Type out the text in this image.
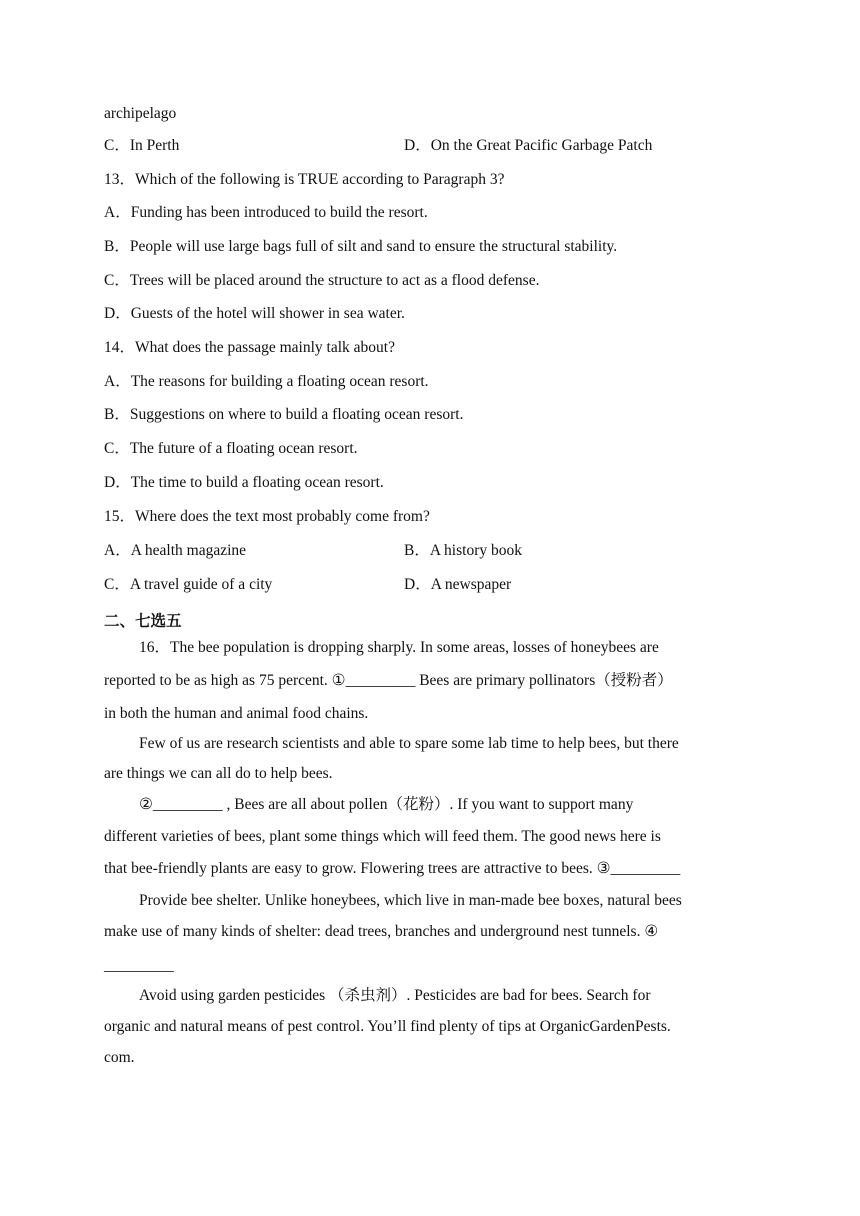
archipelago
C．In Perth	D．On the Great Pacific Garbage Patch
13．Which of the following is TRUE according to Paragraph 3?
A．Funding has been introduced to build the resort.
B．People will use large bags full of silt and sand to ensure the structural stability.
C．Trees will be placed around the structure to act as a flood defense.
D．Guests of the hotel will shower in sea water.
14．What does the passage mainly talk about?
A．The reasons for building a floating ocean resort.
B．Suggestions on where to build a floating ocean resort.
C．The future of a floating ocean resort.
D．The time to build a floating ocean resort.
15．Where does the text most probably come from?
A．A health magazine	B．A history book
C．A travel guide of a city	D．A newspaper
二、七选五
16．The bee population is dropping sharply. In some areas, losses of honeybees are
reported to be as high as 75 percent. ①_________ Bees are primary pollinators（授粉者）
in both the human and animal food chains.
Few of us are research scientists and able to spare some lab time to help bees, but there
are things we can all do to help bees.
②_________ , Bees are all about pollen（花粉）. If you want to support many
different varieties of bees, plant some things which will feed them. The good news here is
that bee-friendly plants are easy to grow. Flowering trees are attractive to bees. ③_________
Provide bee shelter. Unlike honeybees, which live in man-made bee boxes, natural bees
make use of many kinds of shelter: dead trees, branches and underground nest tunnels. ④
_________
Avoid using garden pesticides （杀虫剂）. Pesticides are bad for bees. Search for
organic and natural means of pest control. You’ll find plenty of tips at OrganicGardenPests.
com.
